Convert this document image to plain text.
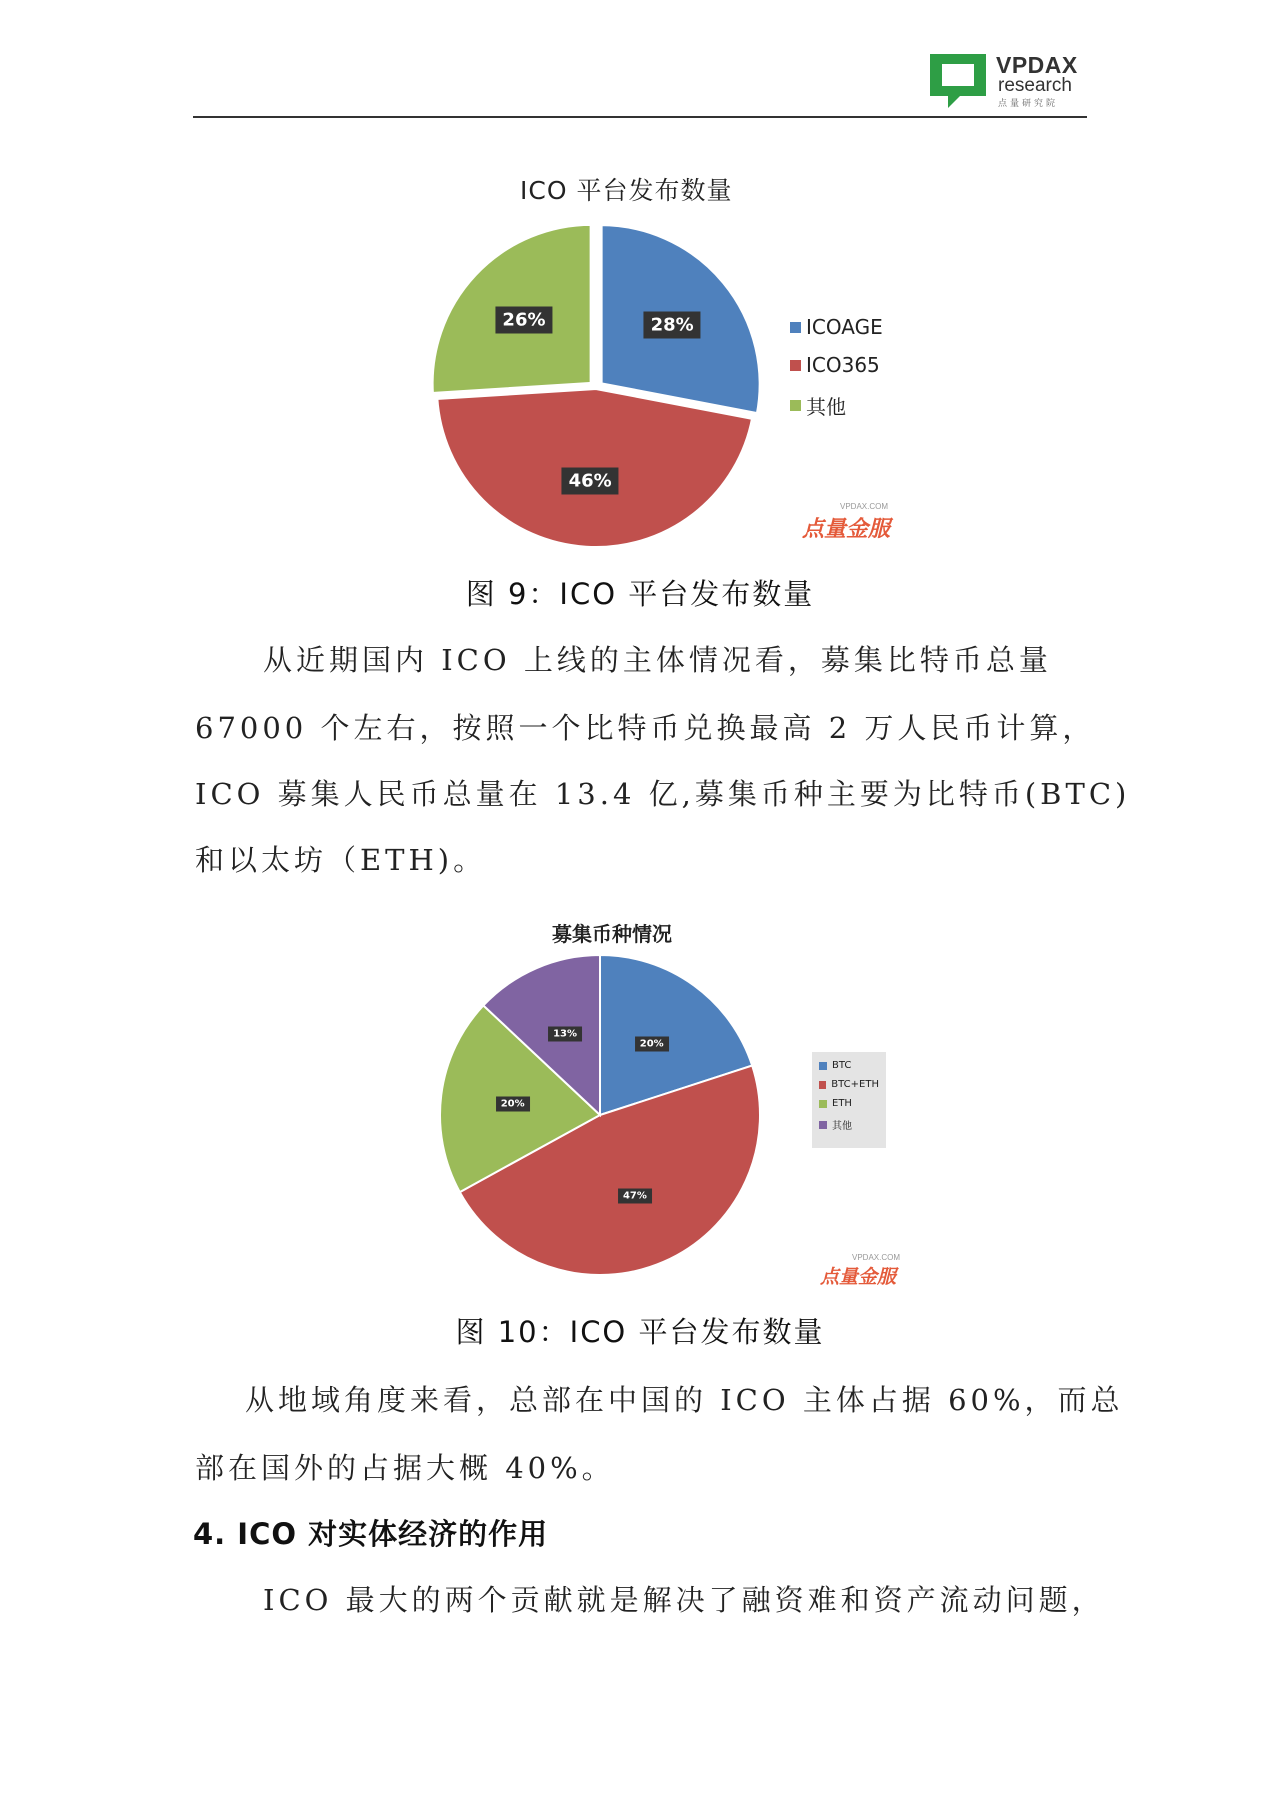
VPDAX
research
点量研究院
ICO 平台发布数量
28%
46%
26%	ICOAGE
ICO365
其他
VPDAX.COM
点量金服
图 9：ICO 平台发布数量
从近期国内 ICO 上线的主体情况看，募集比特币总量
67000 个左右，按照一个比特币兑换最高 2 万人民币计算，
ICO 募集人民币总量在 13.4 亿,募集币种主要为比特币(BTC)
和以太坊（ETH)。
募集币种情况
20%
47%
20%
13%
BTC
BTC+ETH
ETH
其他
VPDAX.COM
点量金服
图 10：ICO 平台发布数量
从地域角度来看，总部在中国的 ICO 主体占据 60%，而总
部在国外的占据大概 40%。
4. ICO 对实体经济的作用
ICO 最大的两个贡献就是解决了融资难和资产流动问题，
